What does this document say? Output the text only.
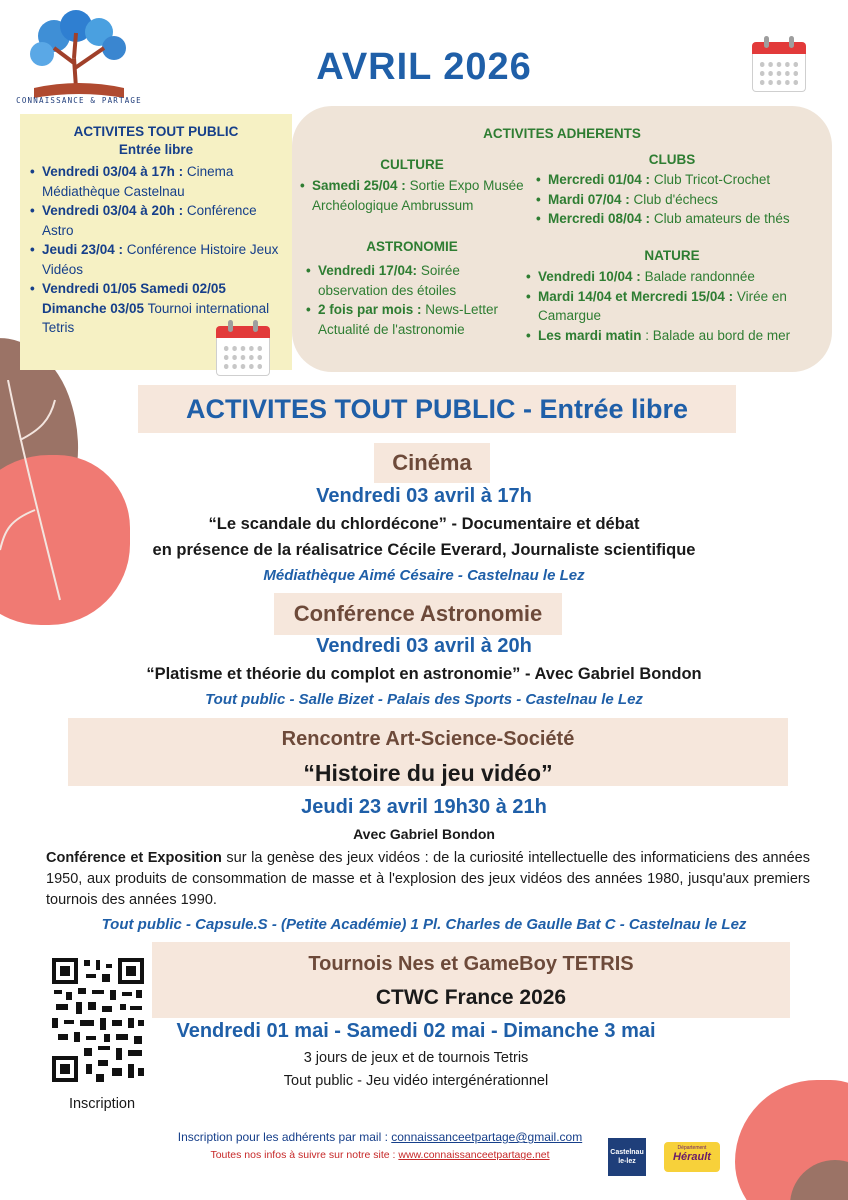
CONNAISSANCE & PARTAGE
AVRIL 2026
ACTIVITES TOUT PUBLIC
Entrée libre
• Vendredi 03/04 à 17h : Cinema Médiathèque Castelnau
• Vendredi 03/04 à 20h : Conférence Astro
• Jeudi 23/04 : Conférence Histoire Jeux Vidéos
• Vendredi 01/05 Samedi 02/05 Dimanche 03/05 Tournoi international Tetris
ACTIVITES ADHERENTS
CULTURE
• Samedi 25/04 : Sortie Expo Musée Archéologique Ambrussum
ASTRONOMIE
• Vendredi 17/04: Soirée observation des étoiles
• 2 fois par mois : News-Letter Actualité de l'astronomie
CLUBS
• Mercredi 01/04 : Club Tricot-Crochet
• Mardi 07/04 : Club d'échecs
• Mercredi 08/04 : Club amateurs de thés
NATURE
• Vendredi 10/04 : Balade randonnée
• Mardi 14/04 et Mercredi 15/04 : Virée en Camargue
• Les mardi matin : Balade au bord de mer
ACTIVITES TOUT PUBLIC - Entrée libre
Cinéma
Vendredi 03 avril à 17h
“Le scandale du chlordécone” - Documentaire et débat
en présence de la réalisatrice Cécile Everard, Journaliste scientifique
Médiathèque Aimé Césaire - Castelnau le Lez
Conférence Astronomie
Vendredi 03 avril à 20h
“Platisme et théorie du complot en astronomie” - Avec Gabriel Bondon
Tout public - Salle Bizet - Palais des Sports - Castelnau le Lez
Rencontre Art-Science-Société
“Histoire du jeu vidéo”
Jeudi 23 avril 19h30 à 21h
Avec Gabriel Bondon
Conférence et Exposition sur la genèse des jeux vidéos : de la curiosité intellectuelle des informaticiens des années 1950, aux produits de consommation de masse et à l'explosion des jeux vidéos des années 1980, jusqu'aux premiers tournois des années 1990.
Tout public - Capsule.S - (Petite Académie) 1 Pl. Charles de Gaulle Bat C - Castelnau le Lez
Tournois Nes et GameBoy TETRIS
CTWC France 2026
Vendredi 01 mai - Samedi 02 mai - Dimanche 3 mai
3 jours de jeux et de tournois Tetris
Tout public - Jeu vidéo intergénérationnel
Inscription
Inscription pour les adhérents par mail : connaissanceetpartage@gmail.com
Toutes nos infos à suivre sur notre site : www.connaissanceetpartage.net	Castelnau
le-lez
Département
Hérault
